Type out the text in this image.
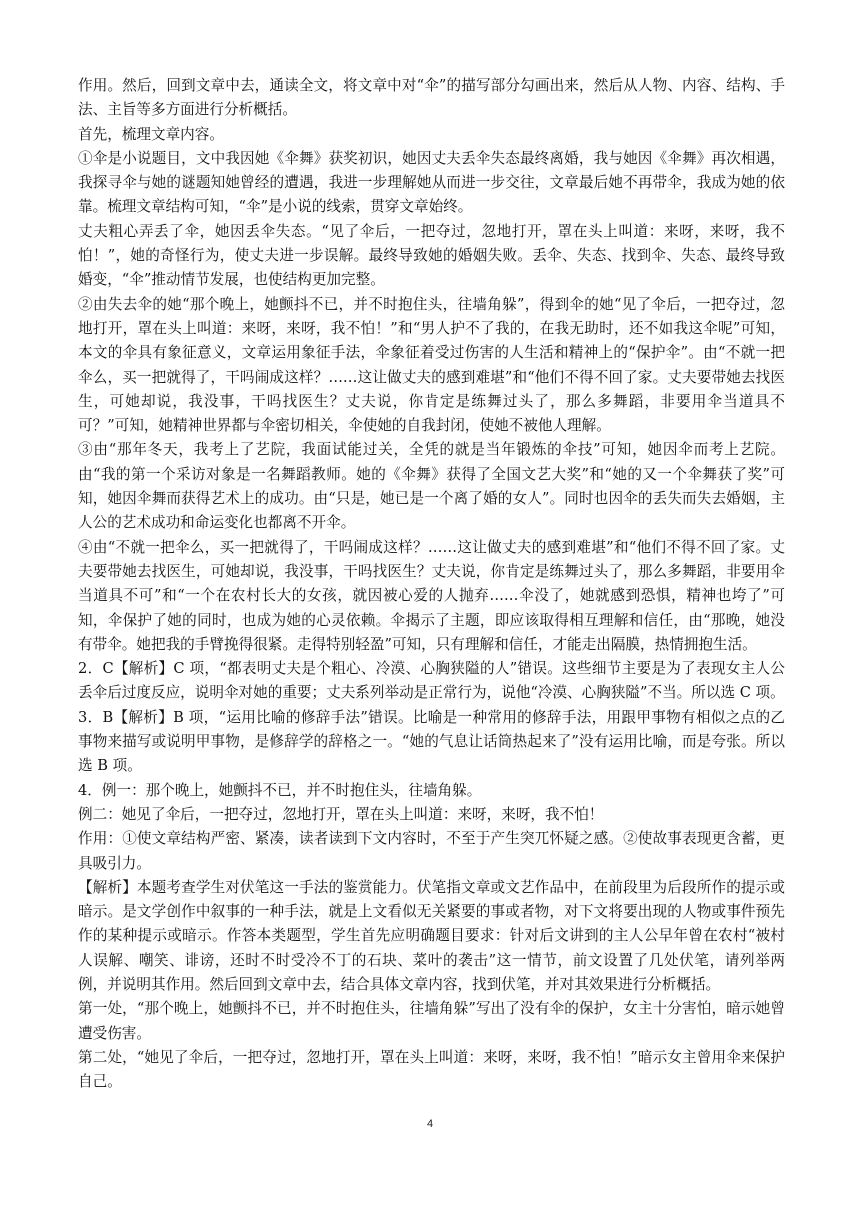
作用。然后，回到文章中去，通读全文，将文章中对“伞”的描写部分勾画出来，然后从人物、内容、结构、手法、主旨等多方面进行分析概括。

首先，梳理文章内容。

①伞是小说题目，文中我因她《伞舞》获奖初识，她因丈夫丢伞失态最终离婚，我与她因《伞舞》再次相遇，我探寻伞与她的谜题知她曾经的遭遇，我进一步理解她从而进一步交往，文章最后她不再带伞，我成为她的依靠。梳理文章结构可知，“伞”是小说的线索，贯穿文章始终。

丈夫粗心弄丢了伞，她因丢伞失态。“见了伞后，一把夺过，忽地打开，罩在头上叫道：来呀，来呀，我不怕！”，她的奇怪行为，使丈夫进一步误解。最终导致她的婚姻失败。丢伞、失态、找到伞、失态、最终导致婚变，“伞”推动情节发展，也使结构更加完整。

②由失去伞的她“那个晚上，她颤抖不已，并不时抱住头，往墙角躲”，得到伞的她“见了伞后，一把夺过，忽地打开，罩在头上叫道：来呀，来呀，我不怕！”和“男人护不了我的，在我无助时，还不如我这伞呢”可知，本文的伞具有象征意义，文章运用象征手法，伞象征着受过伤害的人生活和精神上的“保护伞”。由“不就一把伞么，买一把就得了，干吗闹成这样？……这让做丈夫的感到难堪”和“他们不得不回了家。丈夫要带她去找医生，可她却说，我没事，干吗找医生？丈夫说，你肯定是练舞过头了，那么多舞蹈，非要用伞当道具不可？”可知，她精神世界都与伞密切相关，伞使她的自我封闭，使她不被他人理解。

③由“那年冬天，我考上了艺院，我面试能过关，全凭的就是当年锻炼的伞技”可知，她因伞而考上艺院。由“我的第一个采访对象是一名舞蹈教师。她的《伞舞》获得了全国文艺大奖”和“她的又一个伞舞获了奖”可知，她因伞舞而获得艺术上的成功。由“只是，她已是一个离了婚的女人”。同时也因伞的丢失而失去婚姻，主人公的艺术成功和命运变化也都离不开伞。

④由“不就一把伞么，买一把就得了，干吗闹成这样？……这让做丈夫的感到难堪”和“他们不得不回了家。丈夫要带她去找医生，可她却说，我没事，干吗找医生？丈夫说，你肯定是练舞过头了，那么多舞蹈，非要用伞当道具不可”和“一个在农村长大的女孩，就因被心爱的人抛弃……伞没了，她就感到恐惧，精神也垮了”可知，伞保护了她的同时，也成为她的心灵依赖。伞揭示了主题，即应该取得相互理解和信任，由“那晚，她没有带伞。她把我的手臂挽得很紧。走得特别轻盈”可知，只有理解和信任，才能走出隔膜，热情拥抱生活。

2．C【解析】C 项，“都表明丈夫是个粗心、冷漠、心胸狭隘的人”错误。这些细节主要是为了表现女主人公丢伞后过度反应，说明伞对她的重要；丈夫系列举动是正常行为，说他“冷漠、心胸狭隘”不当。所以选 C 项。

3．B【解析】B 项，“运用比喻的修辞手法”错误。比喻是一种常用的修辞手法，用跟甲事物有相似之点的乙事物来描写或说明甲事物，是修辞学的辞格之一。“她的气息让话筒热起来了”没有运用比喻，而是夸张。所以选 B 项。

4．例一：那个晚上，她颤抖不已，并不时抱住头，往墙角躲。

例二：她见了伞后，一把夺过，忽地打开，罩在头上叫道：来呀，来呀，我不怕！

作用：①使文章结构严密、紧凑，读者读到下文内容时，不至于产生突兀怀疑之感。②使故事表现更含蓄，更具吸引力。

【解析】本题考查学生对伏笔这一手法的鉴赏能力。伏笔指文章或文艺作品中，在前段里为后段所作的提示或暗示。是文学创作中叙事的一种手法，就是上文看似无关紧要的事或者物，对下文将要出现的人物或事件预先作的某种提示或暗示。作答本类题型，学生首先应明确题目要求：针对后文讲到的主人公早年曾在农村“被村人误解、嘲笑、诽谤，还时不时受冷不丁的石块、菜叶的袭击”这一情节，前文设置了几处伏笔，请列举两例，并说明其作用。然后回到文章中去，结合具体文章内容，找到伏笔，并对其效果进行分析概括。

第一处，“那个晚上，她颤抖不已，并不时抱住头，往墙角躲”写出了没有伞的保护，女主十分害怕，暗示她曾遭受伤害。

第二处，“她见了伞后，一把夺过，忽地打开，罩在头上叫道：来呀，来呀，我不怕！”暗示女主曾用伞来保护自己。

4
